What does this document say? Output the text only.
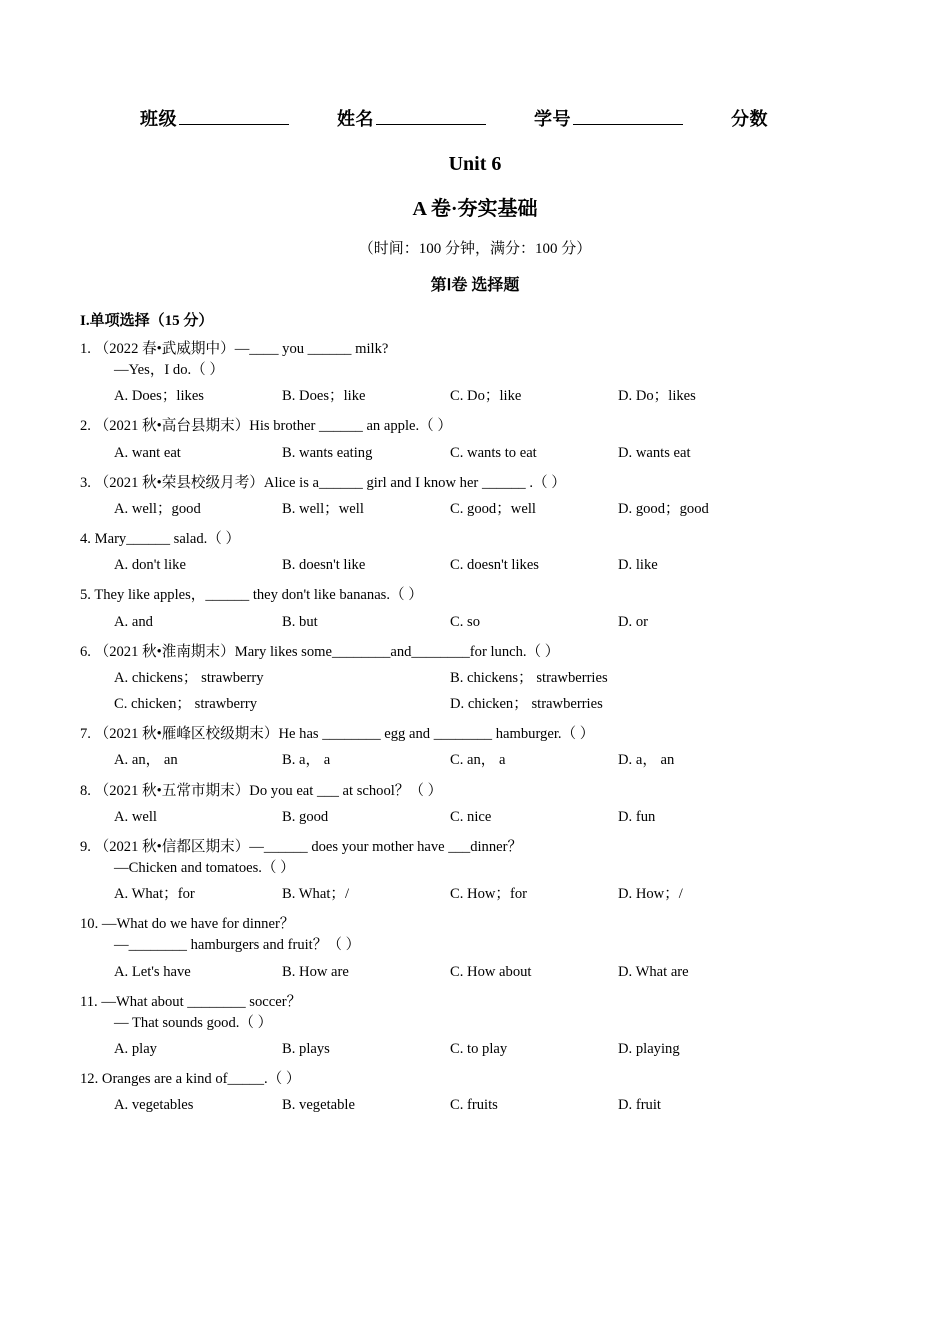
班级	姓名	学号	分数
Unit 6
A 卷·夯实基础
（时间：100 分钟，满分：100 分）
第Ⅰ卷 选择题
I.单项选择（15 分）
1. （2022 春•武威期中）—____ you ______ milk?
—Yes，I do.（ ）
A. Does；likes	B. Does；like	C. Do；like	D. Do；likes
2. （2021 秋•高台县期末）His brother ______ an apple.（ ）
A. want eat	B. wants eating	C. wants to eat	D. wants eat
3. （2021 秋•荣县校级月考）Alice is a______ girl and I know her ______ .（ ）
A. well；good	B. well；well	C. good；well	D. good；good
4. Mary______ salad.（ ）
A. don't like	B. doesn't like	C. doesn't likes	D. like
5. They like apples，______ they don't like bananas.（ ）
A. and	B. but	C. so	D. or
6. （2021 秋•淮南期末）Mary likes some________and________for lunch.（ ）
A. chickens； strawberry	B. chickens； strawberries
C. chicken； strawberry	D. chicken； strawberries
7. （2021 秋•雁峰区校级期末）He has ________ egg and ________ hamburger.（ ）
A. an， an	B. a， a	C. an， a	D. a， an
8. （2021 秋•五常市期末）Do you eat ___ at school？（ ）
A. well	B. good	C. nice	D. fun
9. （2021 秋•信都区期末）—______ does your mother have ___dinner？
—Chicken and tomatoes.（ ）
A. What；for	B. What；/	C. How；for	D. How；/
10. —What do we have for dinner？
—________ hamburgers and fruit？（ ）
A. Let's have	B. How are	C. How about	D. What are
11. —What about ________ soccer？
— That sounds good.（ ）
A. play	B. plays	C. to play	D. playing
12. Oranges are a kind of_____.（ ）
A. vegetables	B. vegetable	C. fruits	D. fruit
